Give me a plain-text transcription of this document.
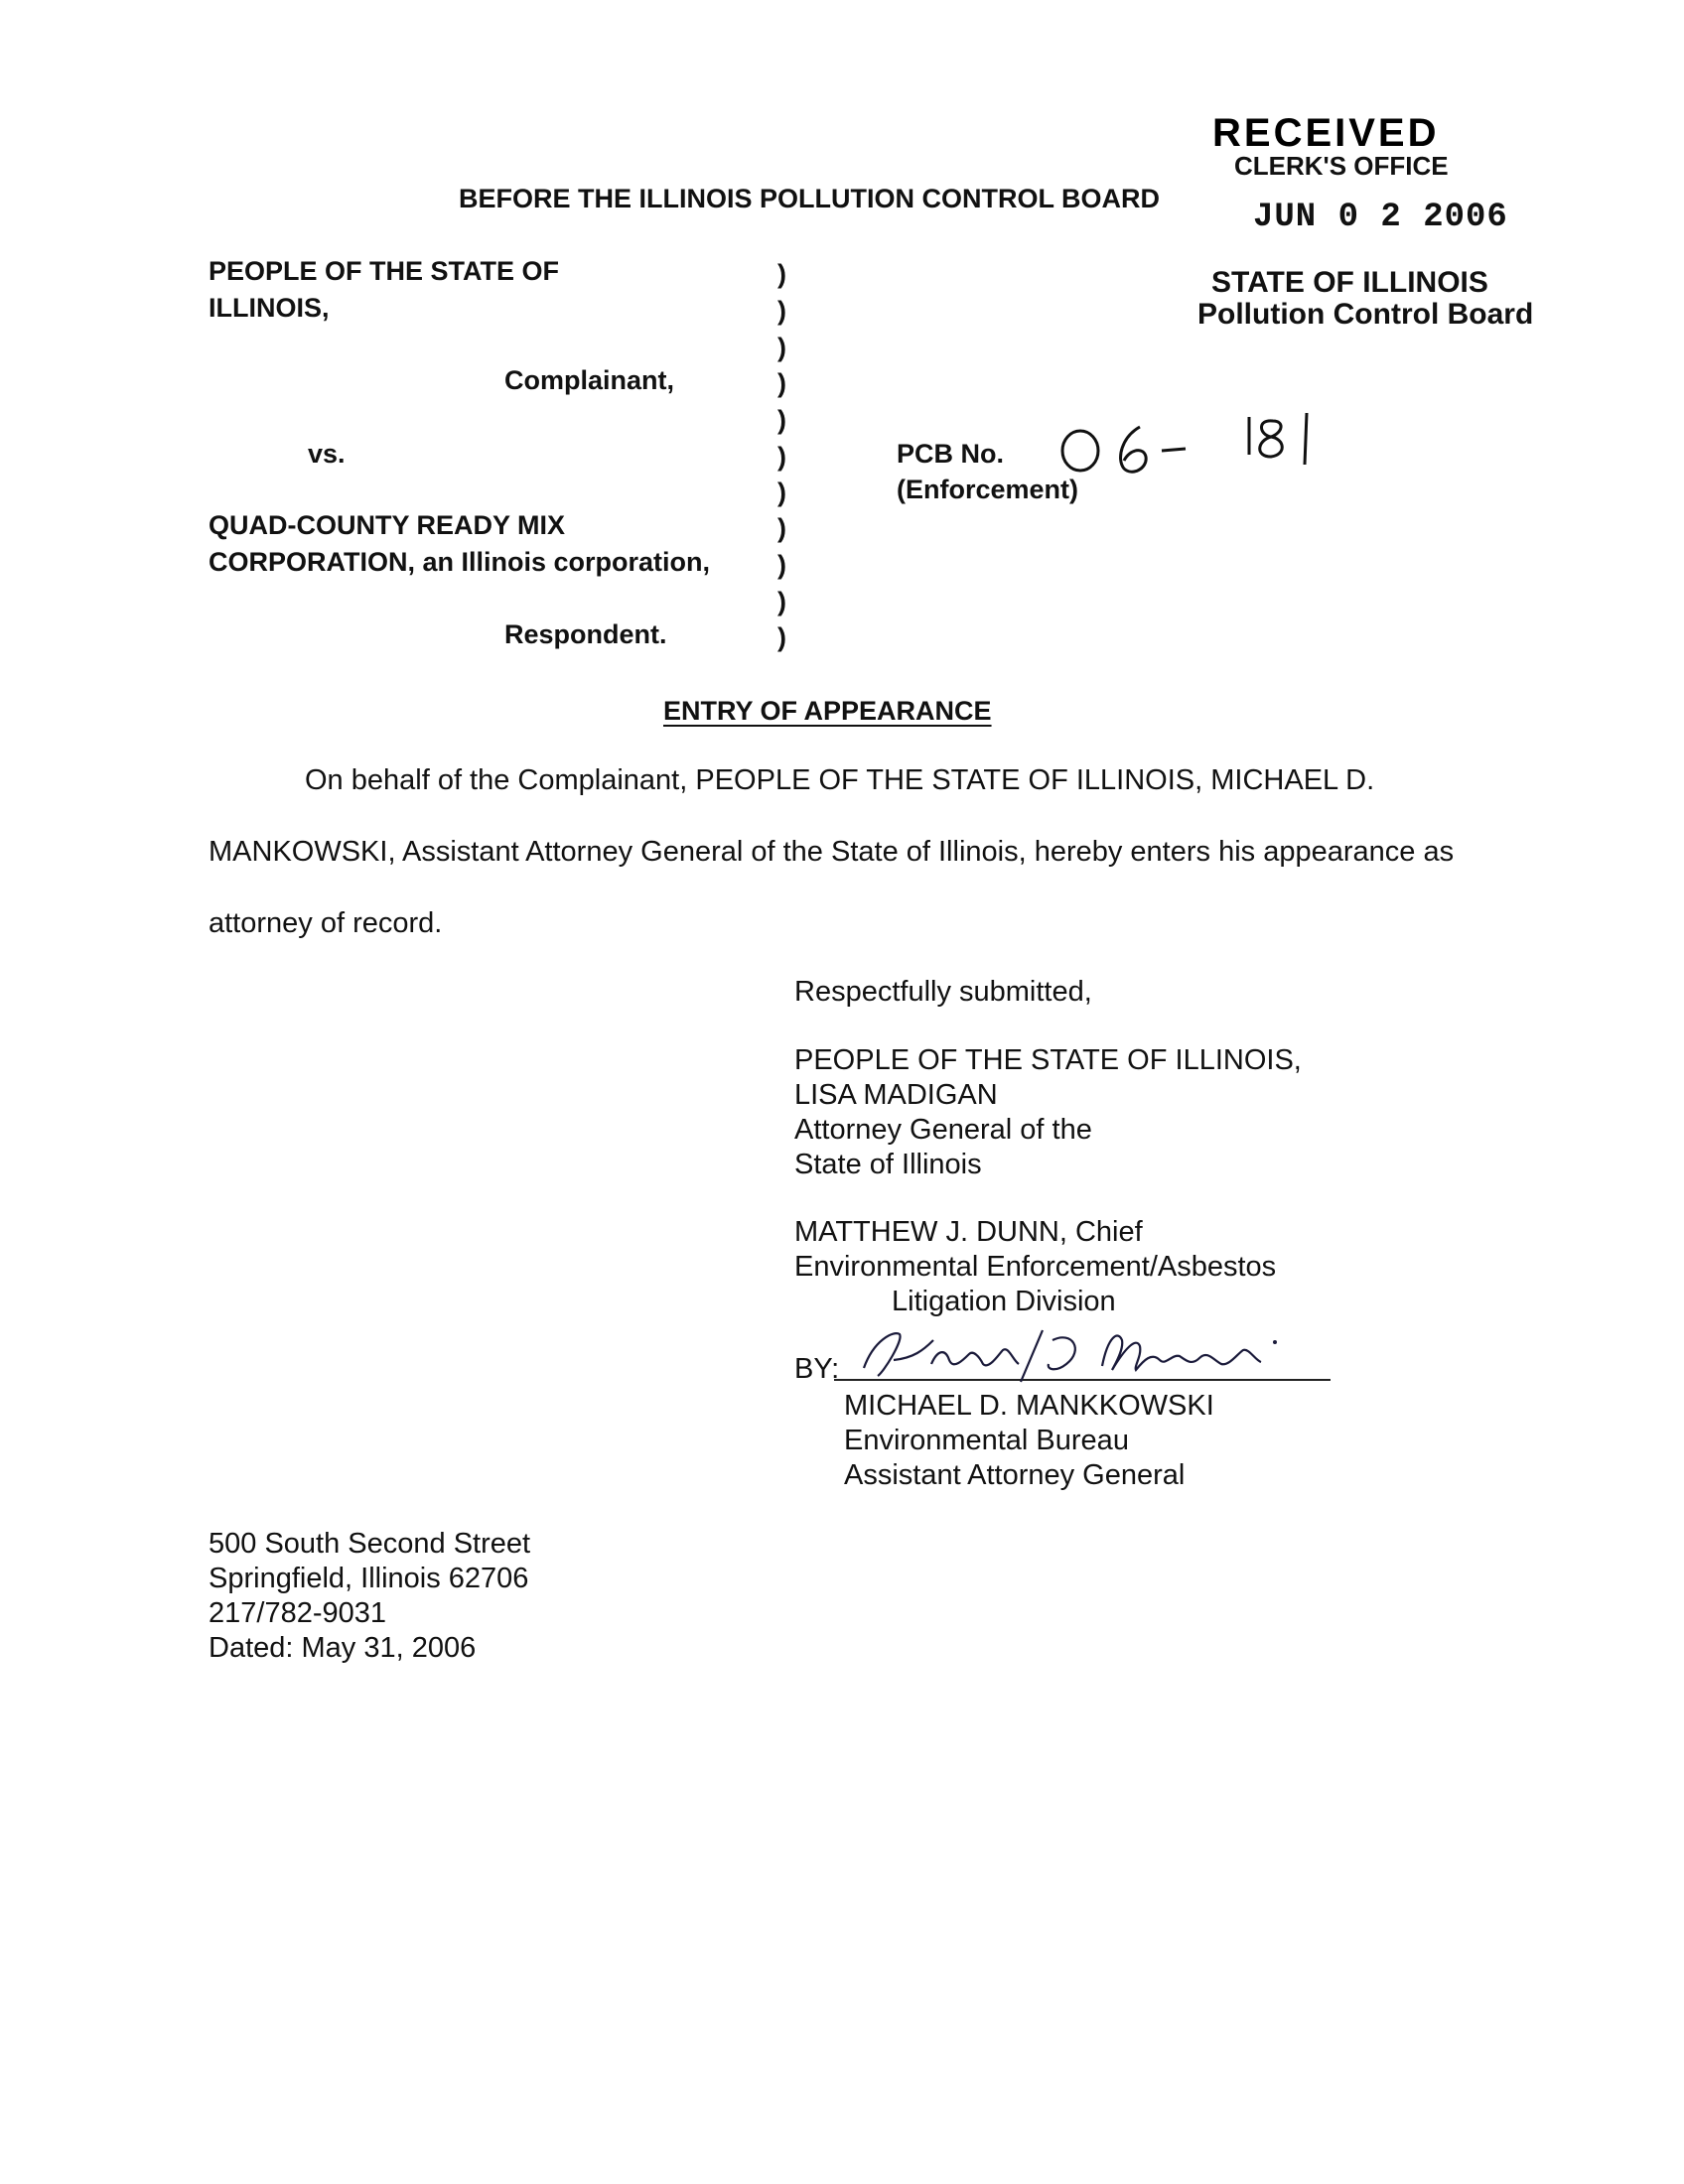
RECEIVED
CLERK'S OFFICE
JUN 0 2 2006
STATE OF ILLINOIS
Pollution Control Board
BEFORE THE ILLINOIS POLLUTION CONTROL BOARD
PEOPLE OF THE STATE OF
ILLINOIS,
Complainant,
vs.
QUAD-COUNTY READY MIX
CORPORATION, an Illinois corporation,
Respondent.
)
)
)
)
)
)
)
)
)
)
)
PCB No.
(Enforcement)
ENTRY OF APPEARANCE
On behalf of the Complainant, PEOPLE OF THE STATE OF ILLINOIS, MICHAEL D.
MANKOWSKI, Assistant Attorney General of the State of Illinois, hereby enters his appearance as
attorney of record.
Respectfully submitted,
PEOPLE OF THE STATE OF ILLINOIS,
LISA MADIGAN
Attorney General of the
State of Illinois
MATTHEW J. DUNN, Chief
Environmental Enforcement/Asbestos
Litigation Division
BY:
MICHAEL D. MANKKOWSKI
Environmental Bureau
Assistant Attorney General
500 South Second Street
Springfield, Illinois 62706
217/782-9031
Dated: May 31, 2006
